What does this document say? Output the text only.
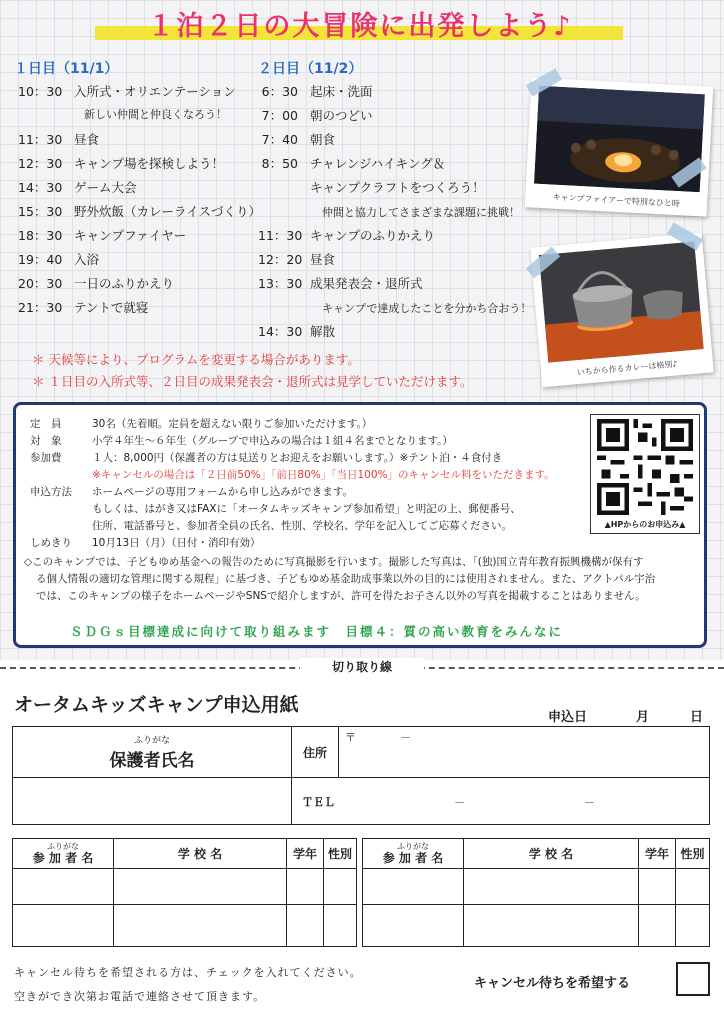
１泊２日の大冒険に出発しよう♪
１日目（11/1）
10：30 入所式・オリエンテーション
新しい仲間と仲良くなろう！
11：30 昼食
12：30 キャンプ場を探検しよう！
14：30 ゲーム大会
15：30 野外炊飯（カレーライスづくり）
18：30 キャンプファイヤー
19：40 入浴
20：30 一日のふりかえり
21：30 テントで就寝
２日目（11/2）
6：30 起床・洗面
7：00 朝のつどい
7：40 朝食
8：50 チャレンジハイキング＆
キャンプクラフトをつくろう！
仲間と協力してさまざまな課題に挑戦！
11：30 キャンプのふりかえり
12：20 昼食
13：30 成果発表会・退所式
キャンプで達成したことを分かち合おう！
14：30 解散
キャンプファイアーで特別なひと時
いちから作るカレーは格別♪
＊ 天候等により、プログラムを変更する場合があります。
＊ １日目の入所式等、２日目の成果発表会・退所式は見学していただけます。
定　員	30名（先着順。定員を超えない限りご参加いただけます。）
対　象	小学４年生～６年生（グループで申込みの場合は１組４名までとなります。）
参加費	１人：8,000円（保護者の方は見送りとお迎えをお願いします。）※テント泊・４食付き
※キャンセルの場合は「２日前50%」「前日80%」「当日100%」のキャンセル料をいただきます。
申込方法 ホームページの専用フォームから申し込みができます。
もしくは、はがき又はFAXに「オータムキッズキャンプ参加希望」と明記の上、郵便番号、
住所、電話番号と、参加者全員の氏名、性別、学校名、学年を記入してご応募ください。
しめきり 10月13日（月）（日付・消印有効）
◇このキャンプでは、子どもゆめ基金への報告のために写真撮影を行います。撮影した写真は、「(独)国立青年教育振興機構が保有す
る個人情報の適切な管理に関する規程」に基づき、子どもゆめ基金助成事業以外の目的には使用されません。また、アクトパル宇治
では、このキャンプの様子をホームページやSNSで紹介しますが、許可を得たお子さん以外の写真を掲載することはありません。
ＳＤＧｓ目標達成に向けて取り組みます　目標４：質の高い教育をみんなに
▲HPからのお申込み▲
切り取り線
オータムキッズキャンプ申込用紙
申込日	月	日
ふりがな
保護者氏名	住所	〒　　　　－

	ＴＥＬ － －	
ふりがな
参 加 者 名	学 校 名	学年	性別

ふりがな
参 加 者 名	学 校 名	学年	性別

キャンセル待ちを希望される方は、チェックを入れてください。
空きができ次第お電話で連絡させて頂きます。
キャンセル待ちを希望する
